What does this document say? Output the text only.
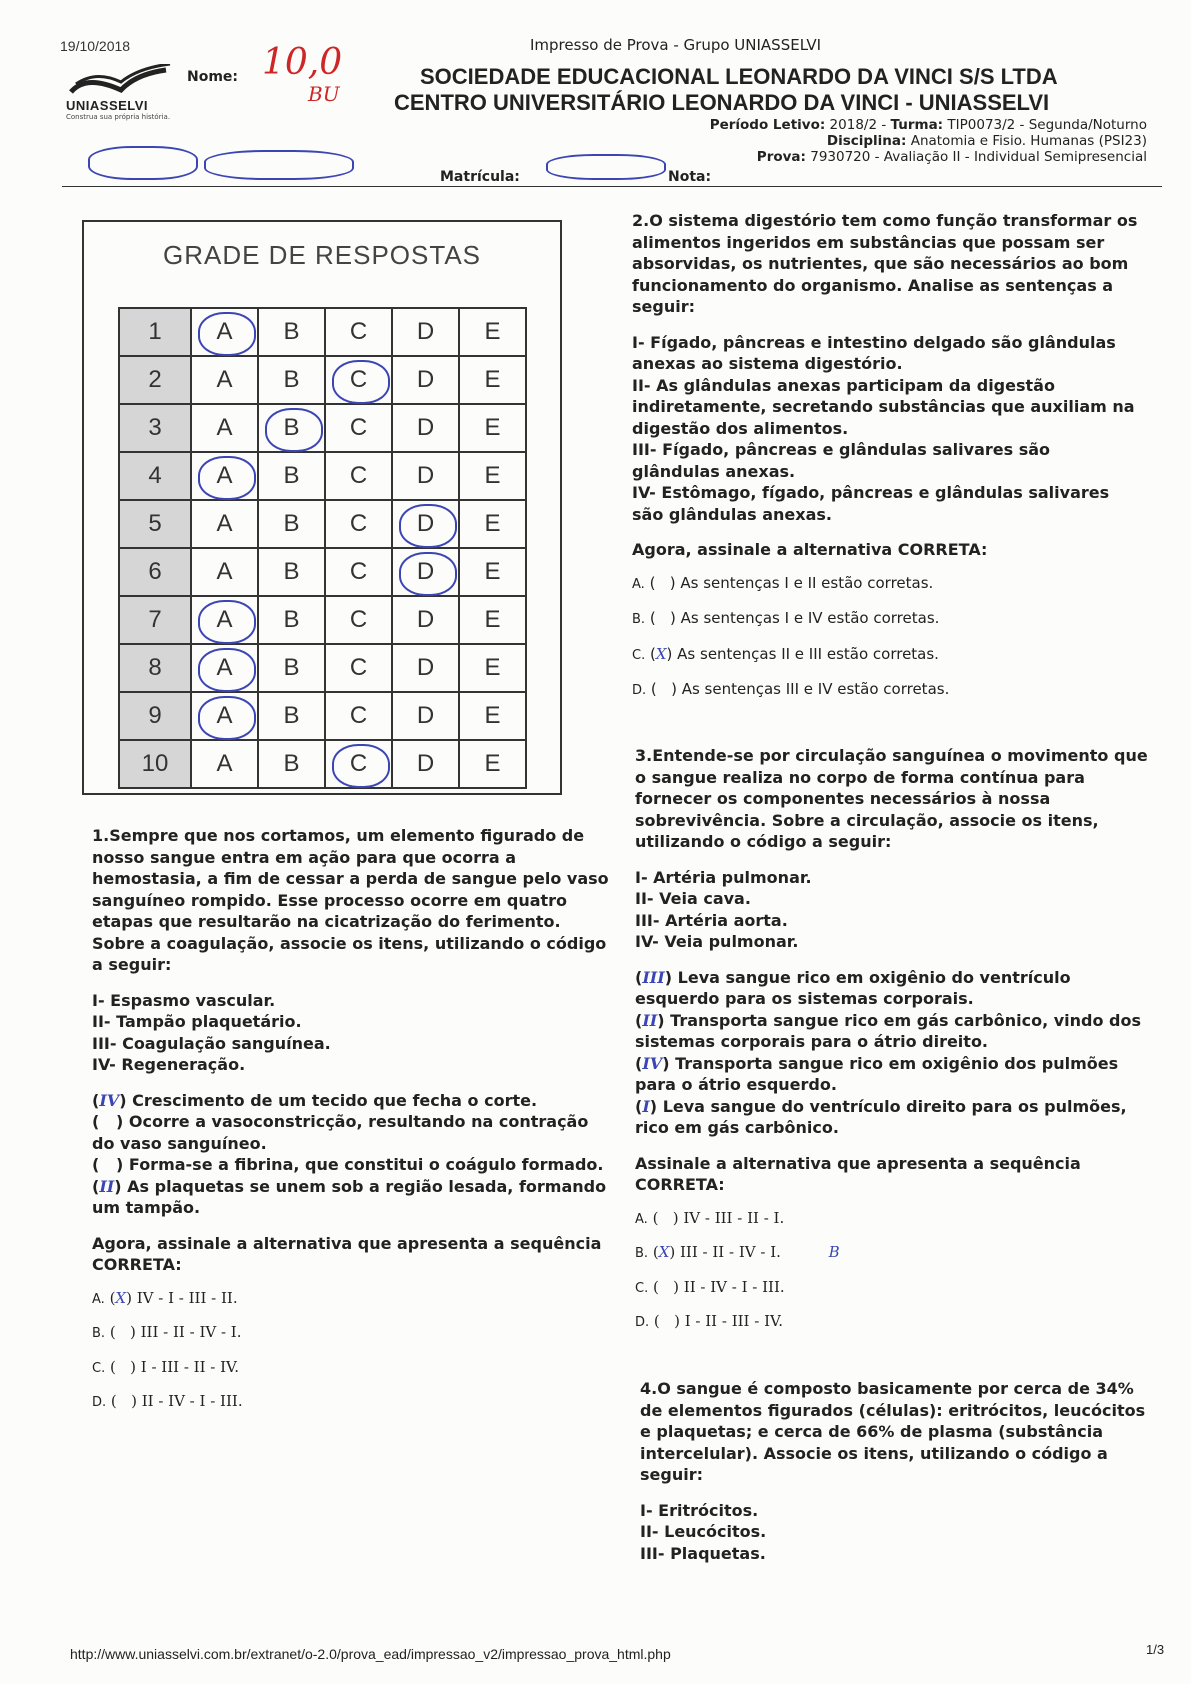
19/10/2018	Impresso de Prova - Grupo UNIASSELVI
UNIASSELVI
Construa sua própria história.
Nome: 10,0
BU
SOCIEDADE EDUCACIONAL LEONARDO DA VINCI S/S LTDA
CENTRO UNIVERSITÁRIO LEONARDO DA VINCI - UNIASSELVI
Período Letivo: 2018/2 - Turma: TIP0073/2 - Segunda/Noturno
Disciplina: Anatomia e Fisio. Humanas (PSI23)
Prova: 7930720 - Avaliação II - Individual Semipresencial
Matrícula:	Nota:
GRADE DE RESPOSTAS
1	A	B	C	D	E
2	A	B	C	D	E
3	A	B	C	D	E
4	A	B	C	D	E
5	A	B	C	D	E
6	A	B	C	D	E
7	A	B	C	D	E
8	A	B	C	D	E
9	A	B	C	D	E
10	A	B	C	D	E

1.Sempre que nos cortamos, um elemento figurado de nosso sangue entra em ação para que ocorra a hemostasia, a fim de cessar a perda de sangue pelo vaso sanguíneo rompido. Esse processo ocorre em quatro etapas que resultarão na cicatrização do ferimento. Sobre a coagulação, associe os itens, utilizando o código a seguir:

I- Espasmo vascular.

II- Tampão plaquetário.

III- Coagulação sanguínea.

IV- Regeneração.

(IV) Crescimento de um tecido que fecha o corte.

(   ) Ocorre a vasoconstricção, resultando na contração do vaso sanguíneo.

(   ) Forma-se a fibrina, que constitui o coágulo formado.

(II) As plaquetas se unem sob a região lesada, formando um tampão.

Agora, assinale a alternativa que apresenta a sequência CORRETA:

A. (X) IV - I - III - II.

B. (   ) III - II - IV - I.

C. (   ) I - III - II - IV.

D. (   ) II - IV - I - III.

2.O sistema digestório tem como função transformar os alimentos ingeridos em substâncias que possam ser absorvidas, os nutrientes, que são necessários ao bom funcionamento do organismo. Analise as sentenças a seguir:

I- Fígado, pâncreas e intestino delgado são glândulas anexas ao sistema digestório.

II- As glândulas anexas participam da digestão indiretamente, secretando substâncias que auxiliam na digestão dos alimentos.

III- Fígado, pâncreas e glândulas salivares são glândulas anexas.

IV- Estômago, fígado, pâncreas e glândulas salivares são glândulas anexas.

Agora, assinale a alternativa CORRETA:

A. (   ) As sentenças I e II estão corretas.

B. (   ) As sentenças I e IV estão corretas.

C. (X) As sentenças II e III estão corretas.

D. (   ) As sentenças III e IV estão corretas.

3.Entende-se por circulação sanguínea o movimento que o sangue realiza no corpo de forma contínua para fornecer os componentes necessários à nossa sobrevivência. Sobre a circulação, associe os itens, utilizando o código a seguir:

I- Artéria pulmonar.

II- Veia cava.

III- Artéria aorta.

IV- Veia pulmonar.

(III) Leva sangue rico em oxigênio do ventrículo esquerdo para os sistemas corporais.

(II) Transporta sangue rico em gás carbônico, vindo dos sistemas corporais para o átrio direito.

(IV) Transporta sangue rico em oxigênio dos pulmões para o átrio esquerdo.

(I) Leva sangue do ventrículo direito para os pulmões, rico em gás carbônico.

Assinale a alternativa que apresenta a sequência CORRETA:

A. (   ) IV - III - II - I.

B. (X) III - II - IV - I.	B

C. (   ) II - IV - I - III.

D. (   ) I - II - III - IV.

4.O sangue é composto basicamente por cerca de 34% de elementos figurados (células): eritrócitos, leucócitos e plaquetas; e cerca de 66% de plasma (substância intercelular). Associe os itens, utilizando o código a seguir:

I- Eritrócitos.

II- Leucócitos.

III- Plaquetas.

http://www.uniasselvi.com.br/extranet/o-2.0/prova_ead/impressao_v2/impressao_prova_html.php	1/3
